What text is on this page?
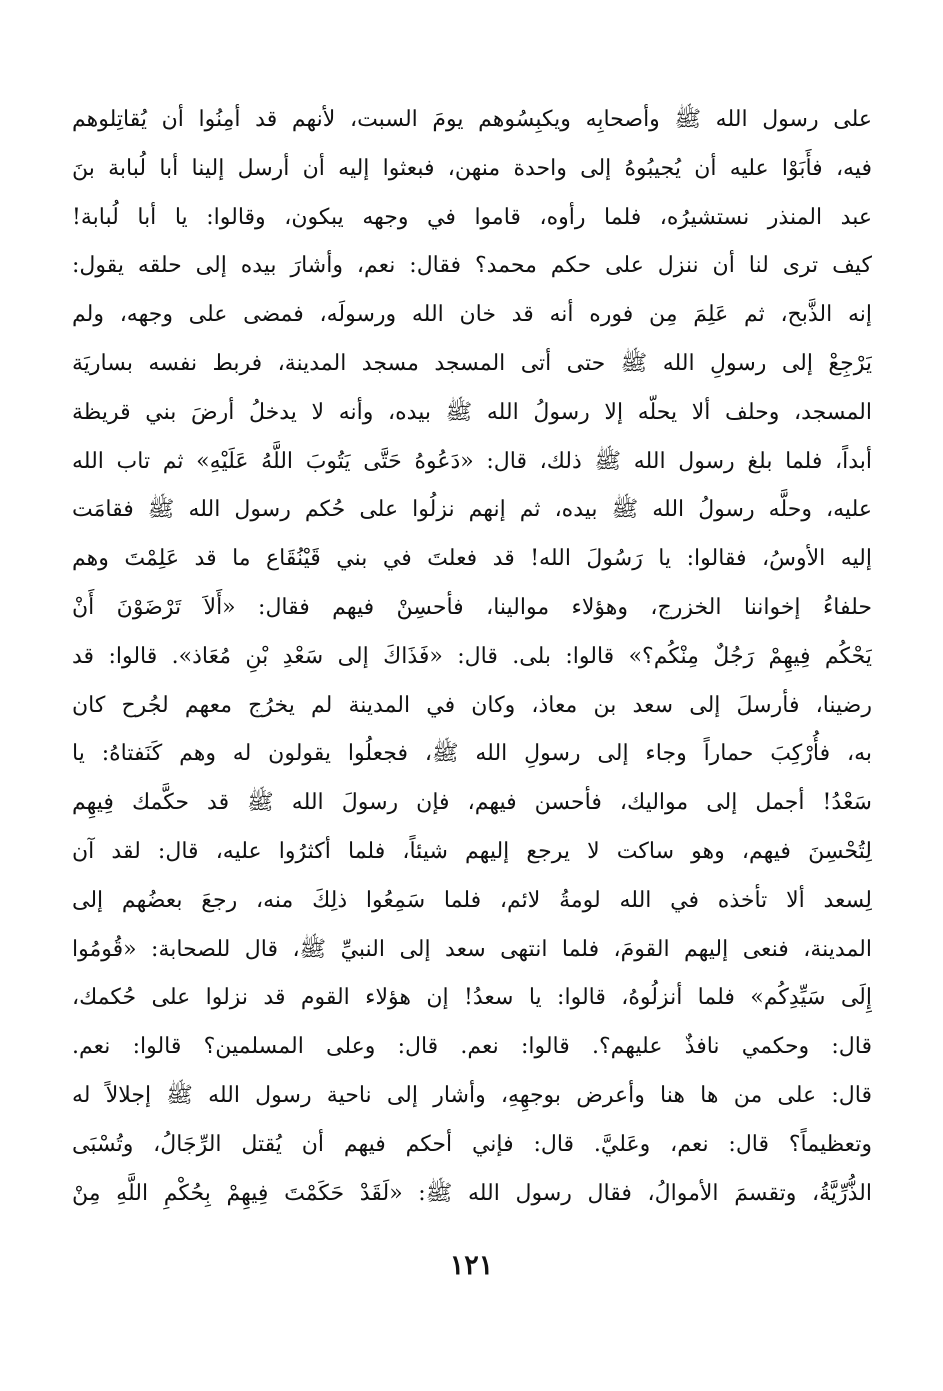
على رسول الله ﷺ وأصحابِه ويكبِسُوهم يومَ السبت، لأنهم قد أمِنُوا أن يُقاتِلوهم
فيه، فأَبَوْا عليه أن يُجيبُوهُ إلى واحدة منهن، فبعثوا إليه أن أرسل إلينا أبا لُبابة بنَ
عبد المنذر نستشيرُه، فلما رأوه، قاموا في وجهه يبكون، وقالوا: يا أبا لُبابة!
كيف ترى لنا أن ننزل على حكم محمد؟ فقال: نعم، وأشارَ بيده إلى حلقه يقول:
إنه الذَّبح، ثم عَلِمَ مِن فوره أنه قد خان الله ورسولَه، فمضى على وجهه، ولم
يَرْجِعْ إلى رسولِ الله ﷺ حتى أتى المسجد مسجد المدينة، فربط نفسه بساريَة
المسجد، وحلف ألا يحلّه إلا رسولُ الله ﷺ بيده، وأنه لا يدخلُ أرضَ بني قريظة
أبداً، فلما بلغ رسول الله ﷺ ذلك، قال: «دَعُوهُ حَتَّى يَتُوبَ اللَّهُ عَلَيْهِ» ثم تاب الله
عليه، وحلَّه رسولُ الله ﷺ بيده، ثم إنهم نزلُوا على حُكم رسول الله ﷺ فقامَت
إليه الأوسُ، فقالوا: يا رَسُولَ الله! قد فعلتَ في بني قَيْنُقَاع ما قد عَلِمْتَ وهم
حلفاءُ إخواننا الخزرج، وهؤلاء موالينا، فأحسِنْ فيهم فقال: «أَلاَ تَرْضَوْنَ أَنْ
يَحْكُم فِيهِمْ رَجُلٌ مِنْكُم؟» قالوا: بلى. قال: «فَذَاكَ إلى سَعْدِ بْنِ مُعَاذ». قالوا: قد
رضينا، فأرسلَ إلى سعد بن معاذ، وكان في المدينة لم يخرُج معهم لجُرح كان
به، فأُرْكِبَ حماراً وجاء إلى رسولِ الله ﷺ، فجعلُوا يقولون له وهم كَنَفتاهُ: يا
سَعْدُ! أجمل إلى مواليك، فأحسن فيهم، فإن رسولَ الله ﷺ قد حكَّمك فِيهِم
لِتُحْسِنَ فيهم، وهو ساكت لا يرجع إليهم شيئاً، فلما أكثرُوا عليه، قال: لقد آن
لِسعد ألا تأخذه في الله لومةُ لائم، فلما سَمِعُوا ذلِكَ منه، رجعَ بعضُهم إلى
المدينة، فنعى إليهم القومَ، فلما انتهى سعد إلى النبيِّ ﷺ، قال للصحابة: «قُومُوا
إِلَى سَيِّدِكُم» فلما أنزلُوهُ، قالوا: يا سعدُ! إن هؤلاء القوم قد نزلوا على حُكمك،
قال: وحكمي نافذٌ عليهم؟. قالوا: نعم. قال: وعلى المسلمين؟ قالوا: نعم.
قال: على من ها هنا وأعرض بوجهِهِ، وأشار إلى ناحية رسول الله ﷺ إجلالاً له
وتعظيماً؟ قال: نعم، وعَليَّ. قال: فإني أحكم فيهم أن يُقتل الرِّجَالُ، وتُسْبَى
الذُّرِّيَّةُ، وتقسمَ الأموالُ، فقال رسول الله ﷺ: «لَقَدْ حَكَمْتَ فِيهِمْ بِحُكْمِ اللَّهِ مِنْ
١٢١
